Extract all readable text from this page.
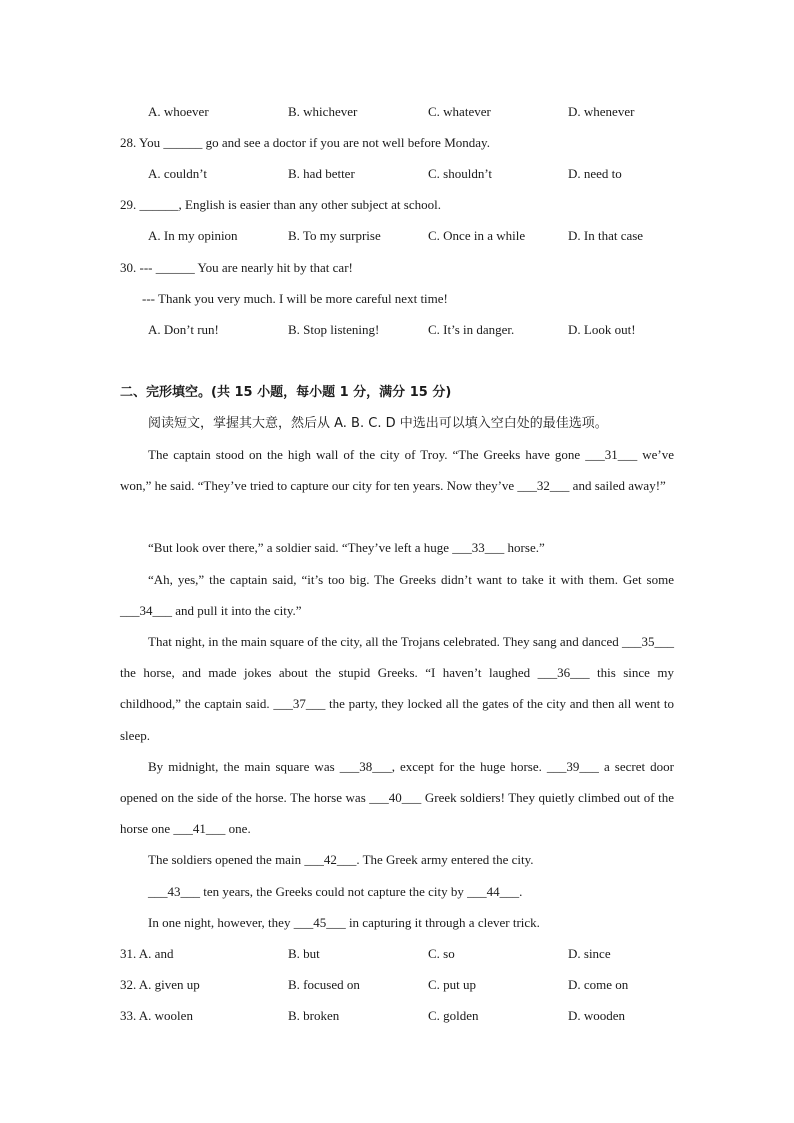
A. whoever	B. whichever	C. whatever	D. whenever
28. You ______ go and see a doctor if you are not well before Monday.
A. couldn’t	B. had better	C. shouldn’t	D. need to
29. ______, English is easier than any other subject at school.
A. In my opinion	B. To my surprise	C. Once in a while	D. In that case
30. --- ______ You are nearly hit by that car!
--- Thank you very much. I will be more careful next time!
A. Don’t run!	B. Stop listening!	C. It’s in danger.	D. Look out!
二、完形填空。(共 15 小题，每小题 1 分，满分 15 分)
阅读短文，掌握其大意，然后从 A. B. C. D 中选出可以填入空白处的最佳选项。
The captain stood on the high wall of the city of Troy. “The Greeks have gone ___31___ we’ve won,” he said. “They’ve tried to capture our city for ten years. Now they’ve ___32___ and sailed away!”
“But look over there,” a soldier said. “They’ve left a huge ___33___ horse.”
“Ah, yes,” the captain said, “it’s too big. The Greeks didn’t want to take it with them. Get some ___34___ and pull it into the city.”
That night, in the main square of the city, all the Trojans celebrated. They sang and danced ___35___ the horse, and made jokes about the stupid Greeks. “I haven’t laughed ___36___ this since my childhood,” the captain said. ___37___ the party, they locked all the gates of the city and then all went to sleep.
By midnight, the main square was ___38___, except for the huge horse. ___39___ a secret door opened on the side of the horse. The horse was ___40___ Greek soldiers! They quietly climbed out of the horse one ___41___ one.
The soldiers opened the main ___42___. The Greek army entered the city.
___43___ ten years, the Greeks could not capture the city by ___44___.
In one night, however, they ___45___ in capturing it through a clever trick.
31. A. and	B. but	C. so	D. since
32. A. given up	B. focused on	C. put up	D. come on
33. A. woolen	B. broken	C. golden	D. wooden
